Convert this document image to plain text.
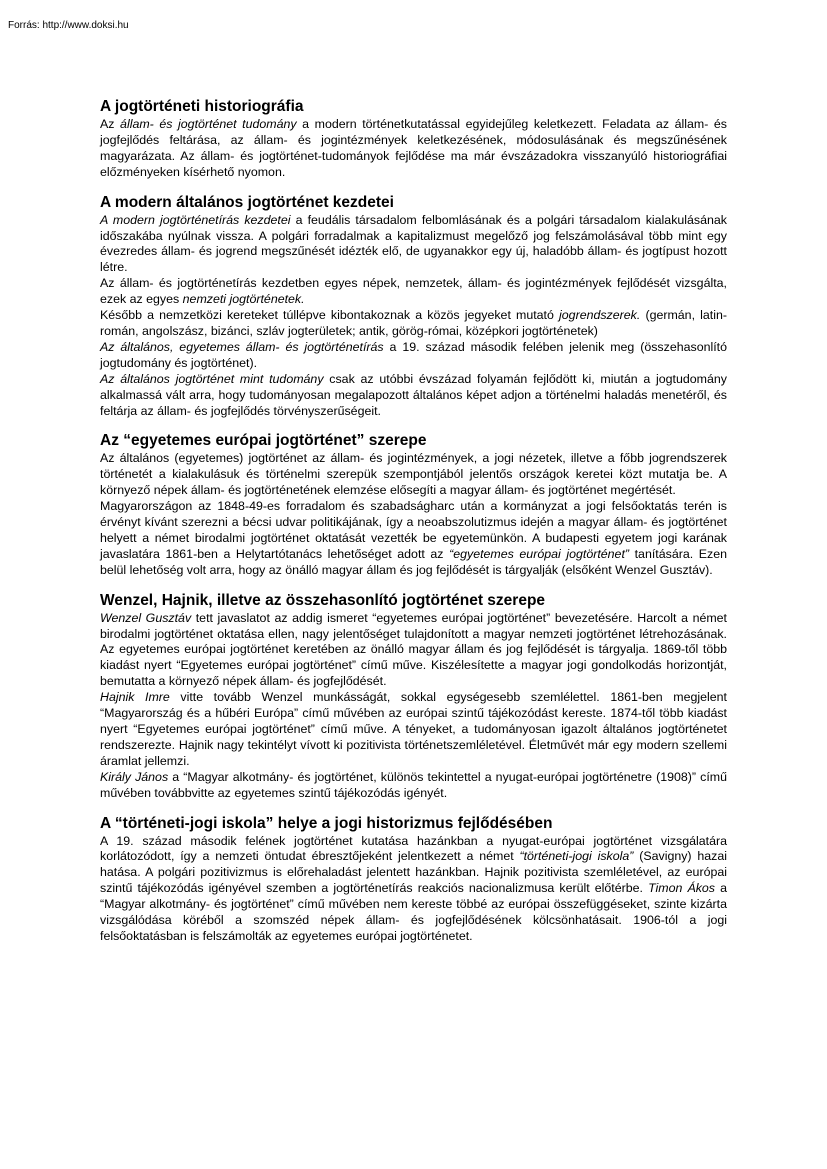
Forrás: http://www.doksi.hu
A jogtörténeti historiográfia

Az állam- és jogtörténet tudomány a modern történetkutatással egyidejűleg keletkezett. Feladata az állam- és jogfejlődés feltárása, az állam- és jogintézmények keletkezésének, módosulásának és megszűnésének magyarázata. Az állam- és jogtörténet-tudományok fejlődése ma már évszázadokra visszanyúló historiográfiai előzményeken kísérhető nyomon.

A modern általános jogtörténet kezdetei

A modern jogtörténetírás kezdetei a feudális társadalom felbomlásának és a polgári társadalom kialakulásának időszakába nyúlnak vissza. A polgári forradalmak a kapitalizmust megelőző jog felszámolásával több mint egy évezredes állam- és jogrend megszűnését idézték elő, de ugyanakkor egy új, haladóbb állam- és jogtípust hozott létre.

Az állam- és jogtörténetírás kezdetben egyes népek, nemzetek, állam- és jogintézmények fejlődését vizsgálta, ezek az egyes nemzeti jogtörténetek.

Később a nemzetközi kereteket túllépve kibontakoznak a közös jegyeket mutató jogrendszerek. (germán, latin-román, angolszász, bizánci, szláv jogterületek; antik, görög-római, középkori jogtörténetek)

Az általános, egyetemes állam- és jogtörténetírás a 19. század második felében jelenik meg (összehasonlító jogtudomány és jogtörténet).

Az általános jogtörténet mint tudomány csak az utóbbi évszázad folyamán fejlődött ki, miután a jogtudomány alkalmassá vált arra, hogy tudományosan megalapozott általános képet adjon a történelmi haladás menetéről, és feltárja az állam- és jogfejlődés törvényszerűségeit.

Az “egyetemes európai jogtörténet” szerepe

Az általános (egyetemes) jogtörténet az állam- és jogintézmények, a jogi nézetek, illetve a főbb jogrendszerek történetét a kialakulásuk és történelmi szerepük szempontjából jelentős országok keretei közt mutatja be. A környező népek állam- és jogtörténetének elemzése elősegíti a magyar állam- és jogtörténet megértését.

Magyarországon az 1848-49-es forradalom és szabadságharc után a kormányzat a jogi felsőoktatás terén is érvényt kívánt szerezni a bécsi udvar politikájának, így a neoabszolutizmus idején a magyar állam- és jogtörténet helyett a német birodalmi jogtörténet oktatását vezették be egyetemünkön. A budapesti egyetem jogi karának javaslatára 1861-ben a Helytartótanács lehetőséget adott az “egyetemes európai jogtörténet” tanítására. Ezen belül lehetőség volt arra, hogy az önálló magyar állam és jog fejlődését is tárgyalják (elsőként Wenzel Gusztáv).

Wenzel, Hajnik, illetve az összehasonlító jogtörténet szerepe

Wenzel Gusztáv tett javaslatot az addig ismeret “egyetemes európai jogtörténet” bevezetésére. Harcolt a német birodalmi jogtörténet oktatása ellen, nagy jelentőséget tulajdonított a magyar nemzeti jogtörténet létrehozásának. Az egyetemes európai jogtörténet keretében az önálló magyar állam és jog fejlődését is tárgyalja. 1869-től több kiadást nyert “Egyetemes európai jogtörténet” című műve. Kiszélesítette a magyar jogi gondolkodás horizontját, bemutatta a környező népek állam- és jogfejlődését.

Hajnik Imre vitte tovább Wenzel munkásságát, sokkal egységesebb szemlélettel. 1861-ben megjelent “Magyarország és a hűbéri Európa” című művében az európai szintű tájékozódást kereste. 1874-től több kiadást nyert “Egyetemes európai jogtörténet” című műve. A tényeket, a tudományosan igazolt általános jogtörténetet rendszerezte. Hajnik nagy tekintélyt vívott ki pozitivista történetszemléletével. Életművét már egy modern szellemi áramlat jellemzi.

Király János a “Magyar alkotmány- és jogtörténet, különös tekintettel a nyugat-európai jogtörténetre (1908)” című művében továbbvitte az egyetemes szintű tájékozódás igényét.

A “történeti-jogi iskola” helye a jogi historizmus fejlődésében

A 19. század második felének jogtörténet kutatása hazánkban a nyugat-európai jogtörténet vizsgálatára korlátozódott, így a nemzeti öntudat ébresztőjeként jelentkezett a német “történeti-jogi iskola” (Savigny) hazai hatása. A polgári pozitivizmus is előrehaladást jelentett hazánkban. Hajnik pozitivista szemléletével, az európai szintű tájékozódás igényével szemben a jogtörténetírás reakciós nacionalizmusa került előtérbe. Timon Ákos a “Magyar alkotmány- és jogtörténet” című művében nem kereste többé az európai összefüggéseket, szinte kizárta vizsgálódása köréből a szomszéd népek állam- és jogfejlődésének kölcsönhatásait. 1906-tól a jogi felsőoktatásban is felszámolták az egyetemes európai jogtörténetet.
